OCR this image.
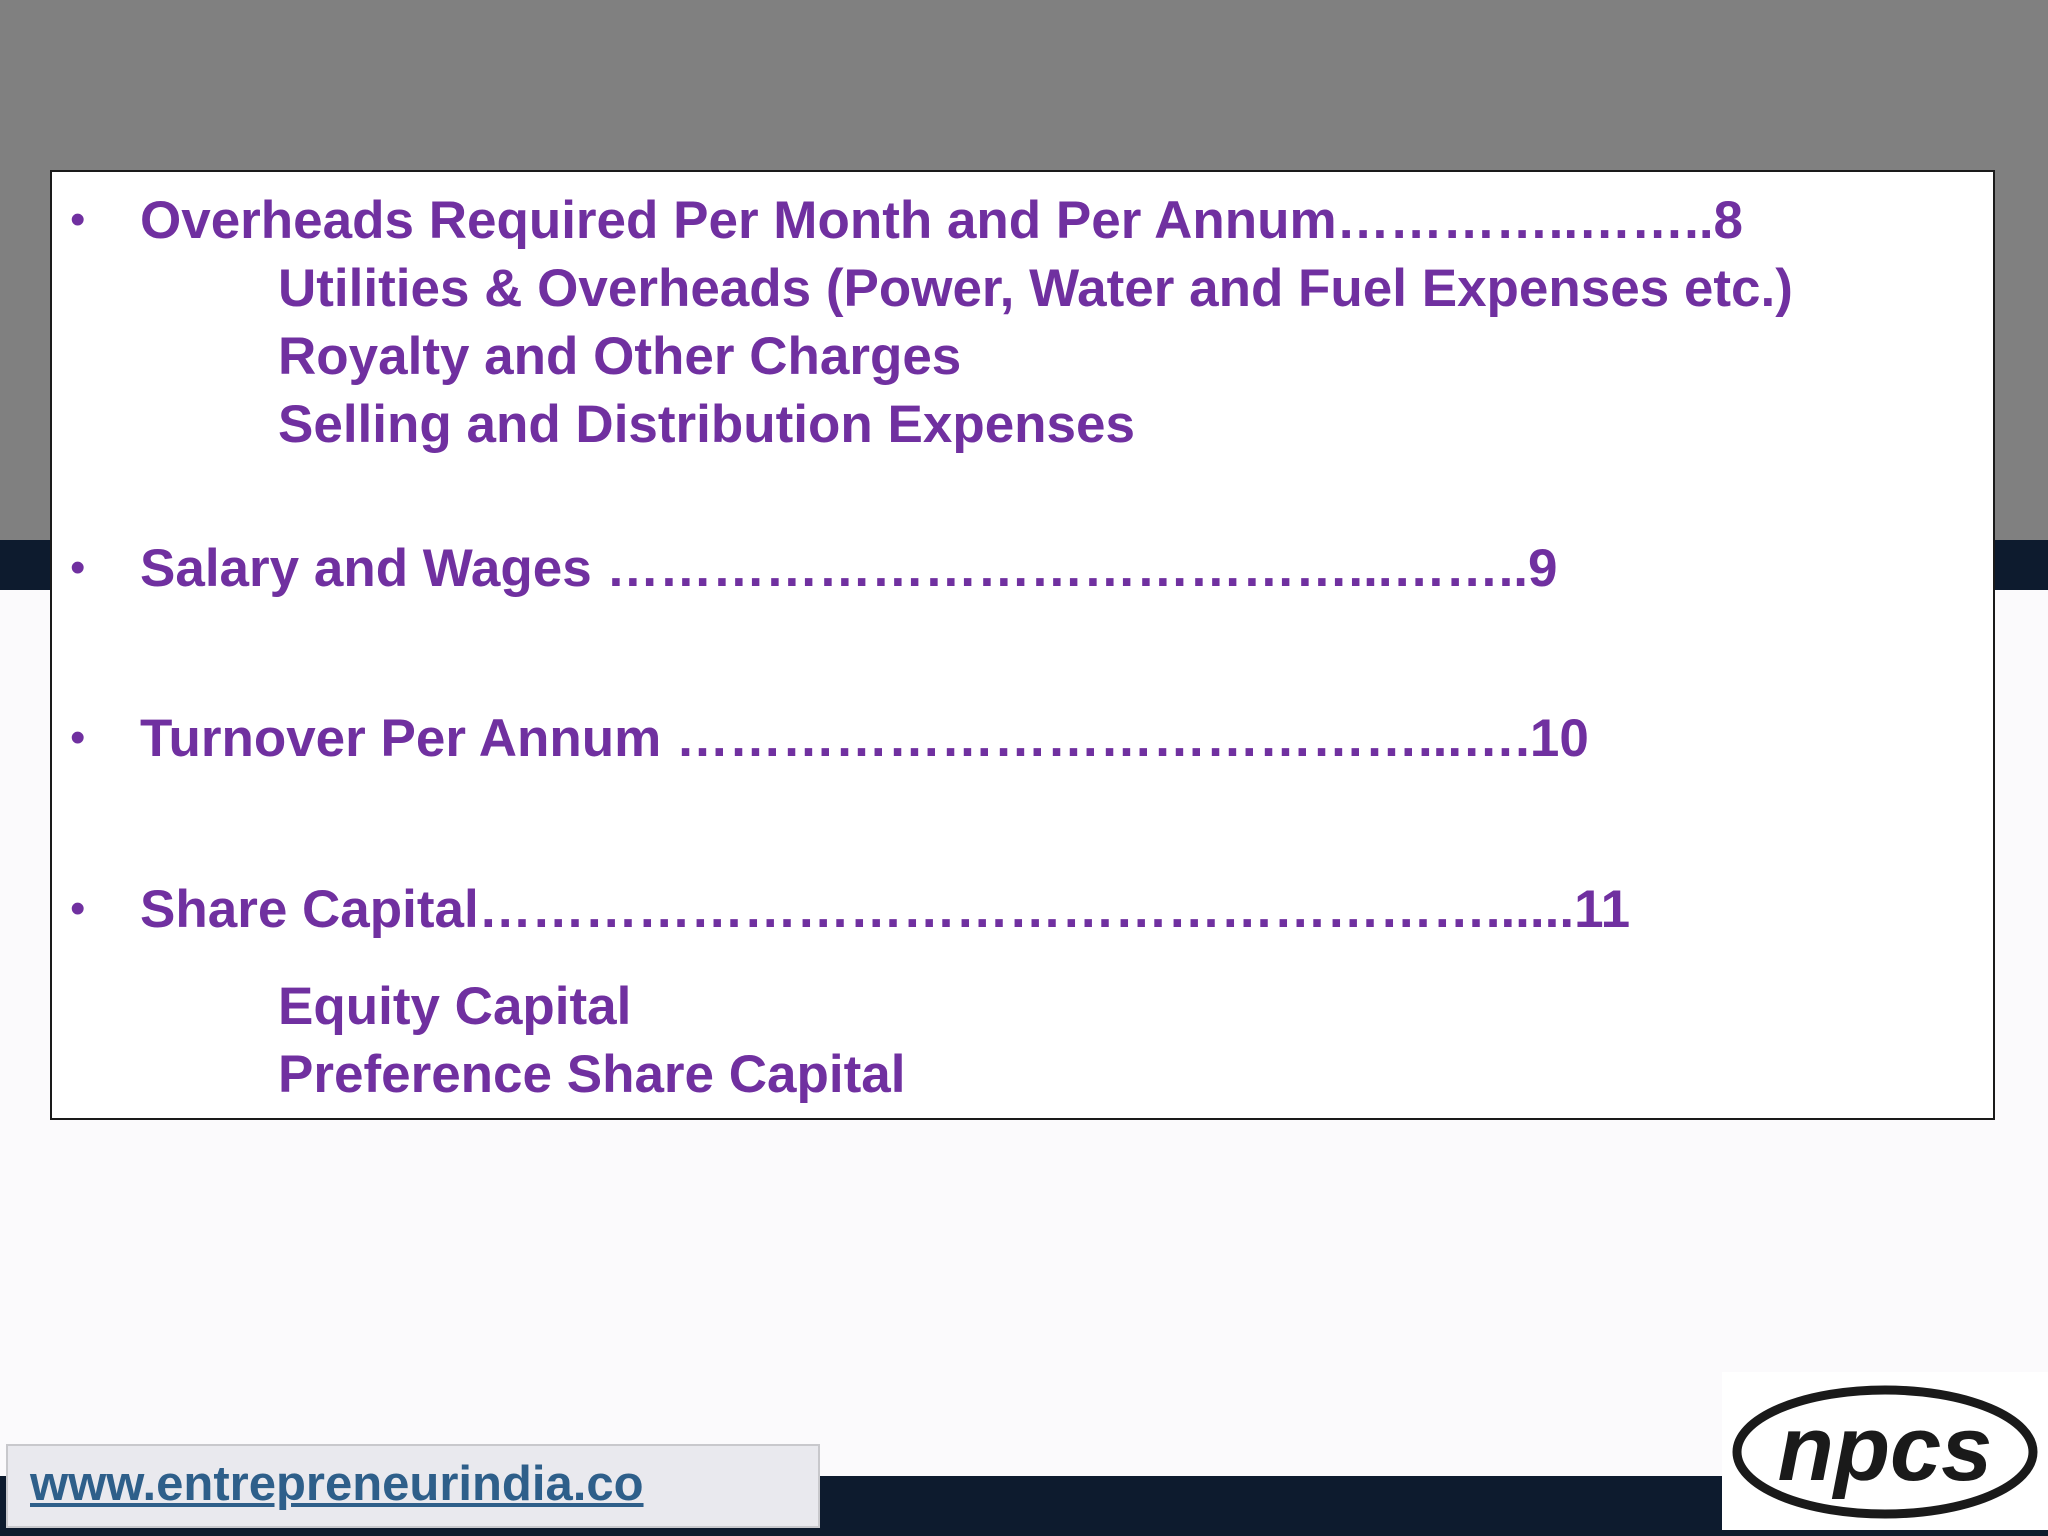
• Overheads Required Per Month and Per Annum…………..……..8
Utilities & Overheads (Power, Water and Fuel Expenses etc.)
Royalty and Other Charges
Selling and Distribution Expenses
• Salary and Wages ……………………………………...……..9
• Turnover Per Annum ……………………………………...….10
• Share Capital…………………………………………………......11
Equity Capital
Preference Share Capital
www.entrepreneurindia.co	npcs
